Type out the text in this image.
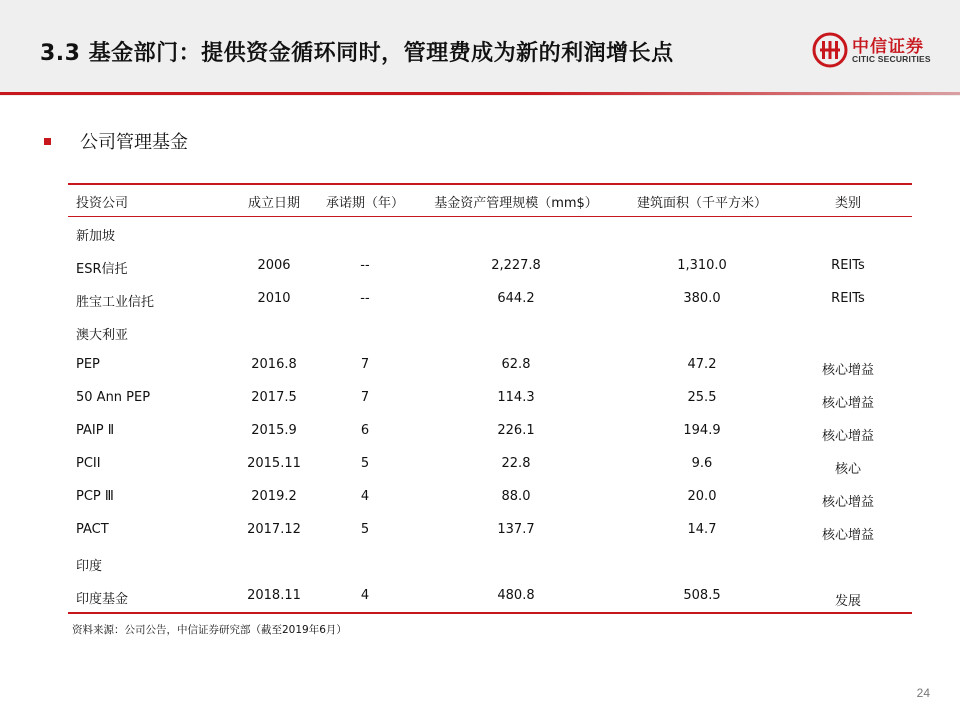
3.3 基金部门：提供资金循环同时，管理费成为新的利润增长点	中信证券
CITIC SECURITIES
公司管理基金
投资公司	成立日期	承诺期（年）	基金资产管理规模（mm$）	建筑面积（千平方米）	类别
新加坡
ESR信托	2006	--	2,227.8	1,310.0	REITs
胜宝工业信托	2010	--	644.2	380.0	REITs
澳大利亚
PEP	2016.8	7	62.8	47.2	核心增益
50 Ann PEP	2017.5	7	114.3	25.5	核心增益
PAIP Ⅱ	2015.9	6	226.1	194.9	核心增益
PCII	2015.11	5	22.8	9.6	核心
PCP Ⅲ	2019.2	4	88.0	20.0	核心增益
PACT	2017.12	5	137.7	14.7	核心增益
印度
印度基金	2018.11	4	480.8	508.5	发展
资料来源：公司公告，中信证券研究部（截至2019年6月）
24
